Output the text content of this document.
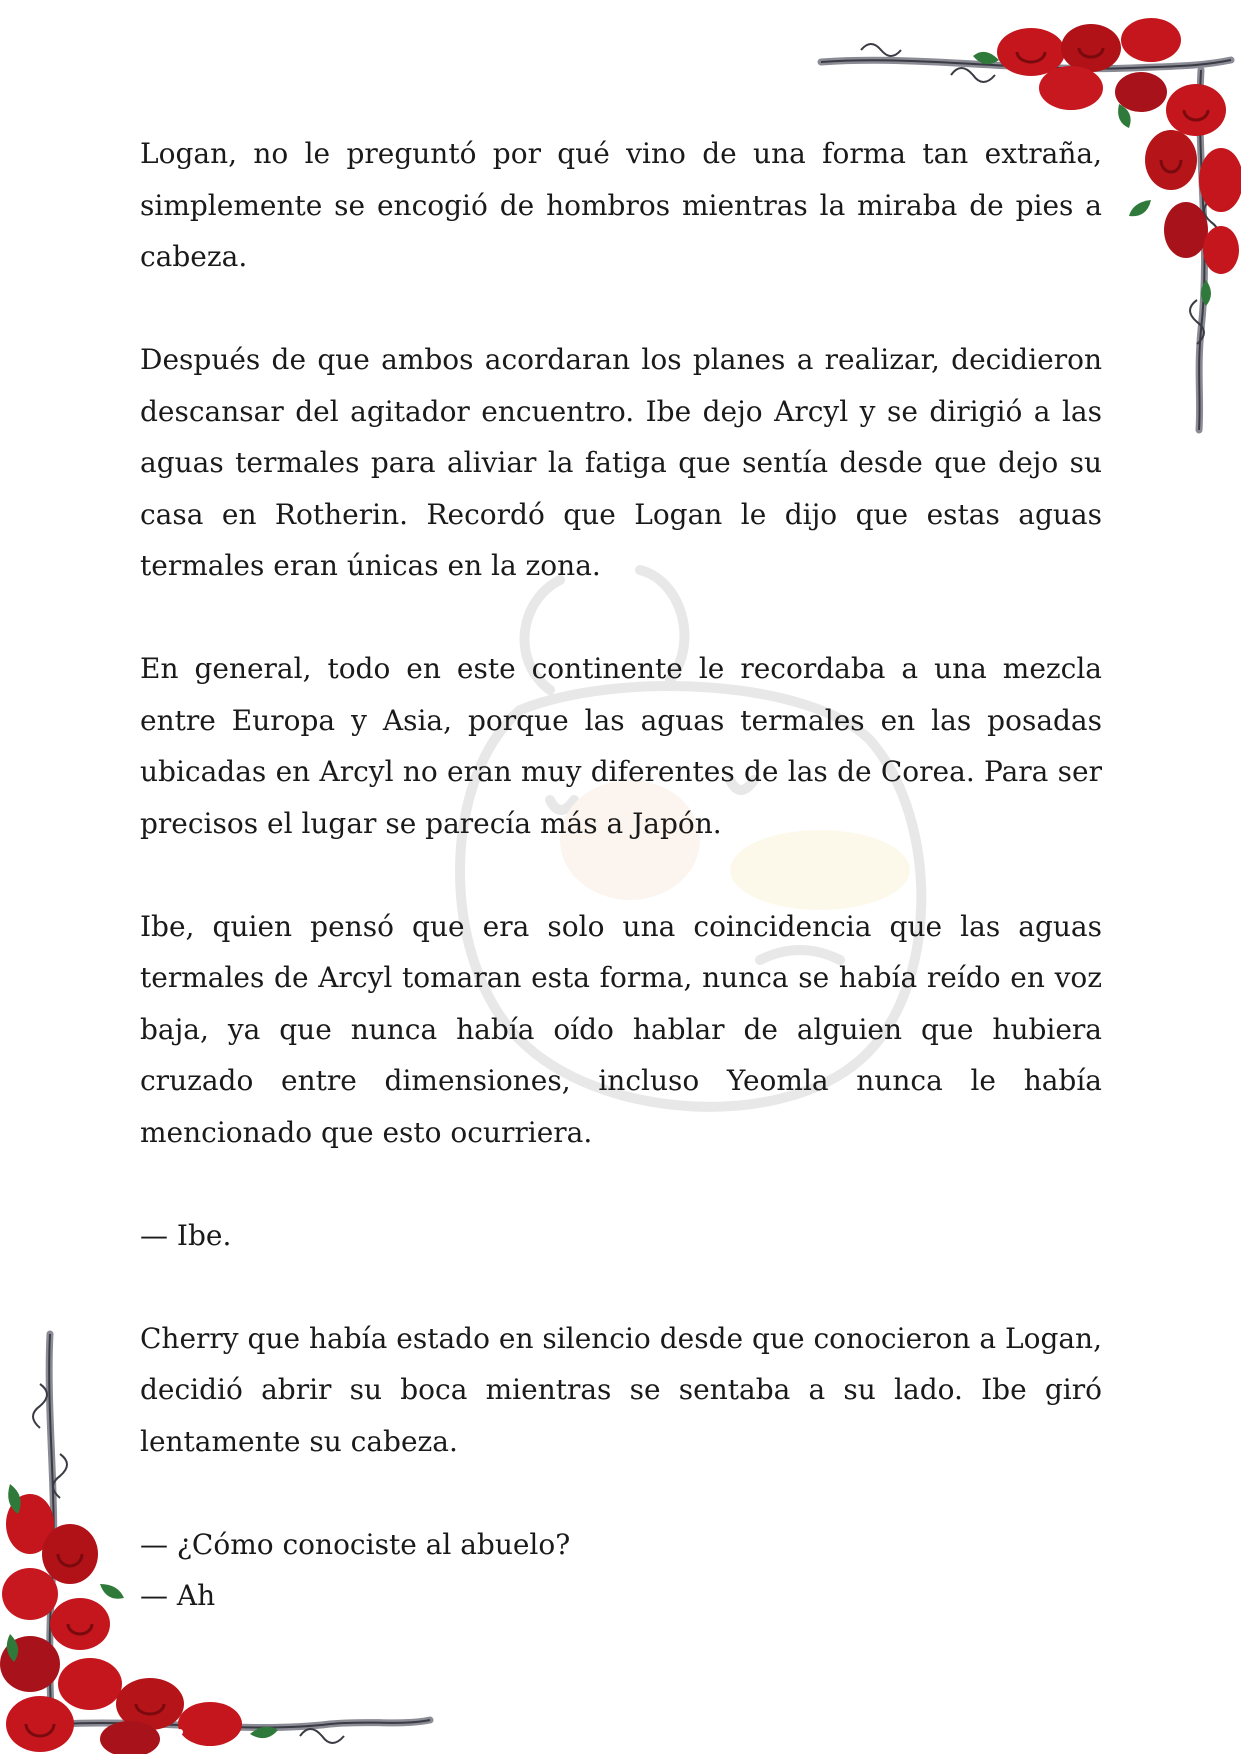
Logan, no le preguntó por qué vino de una forma tan extraña, simplemente se encogió de hombros mientras la miraba de pies a cabeza.

Después de que ambos acordaran los planes a realizar, decidieron descansar del agitador encuentro. Ibe dejo Arcyl y se dirigió a las aguas termales para aliviar la fatiga que sentía desde que dejo su casa en Rotherin. Recordó que Logan le dijo que estas aguas termales eran únicas en la zona.

En general, todo en este continente le recordaba a una mezcla entre Europa y Asia, porque las aguas termales en las posadas ubicadas en Arcyl no eran muy diferentes de las de Corea. Para ser precisos el lugar se parecía más a Japón.

Ibe, quien pensó que era solo una coincidencia que las aguas termales de Arcyl tomaran esta forma, nunca se había reído en voz baja, ya que nunca había oído hablar de alguien que hubiera cruzado entre dimensiones, incluso Yeomla nunca le había mencionado que esto ocurriera.

— Ibe.

Cherry que había estado en silencio desde que conocieron a Logan, decidió abrir su boca mientras se sentaba a su lado. Ibe giró lentamente su cabeza.

— ¿Cómo conociste al abuelo?

— Ah
